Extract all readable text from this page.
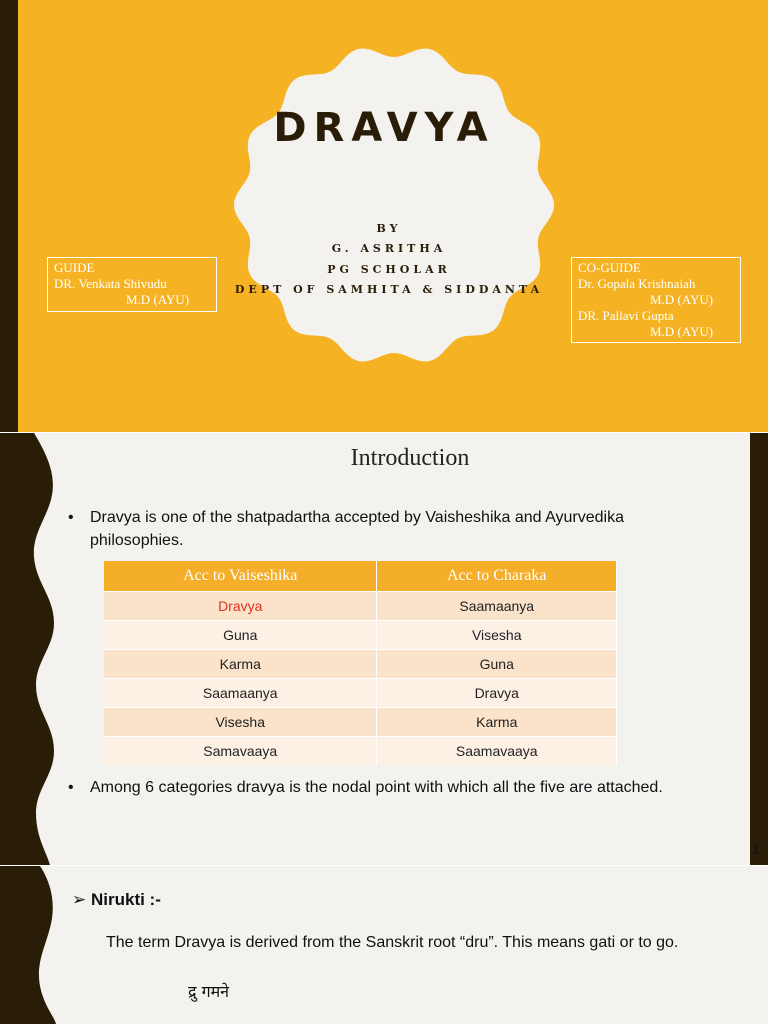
DRAVYA
BY
G. ASRITHA
PG SCHOLAR
DEPT OF SAMHITA & SIDDANTA
GUIDE
DR. Venkata Shivudu
M.D (AYU)
CO-GUIDE
Dr. Gopala Krishnaiah
M.D (AYU)
DR. Pallavi Gupta
M.D (AYU)
Introduction
• Dravya is one of the shatpadartha accepted by Vaisheshika and Ayurvedika
philosophies.
Acc to Vaiseshika	Acc to Charaka
Dravya	Saamaanya
Guna	Visesha
Karma	Guna
Saamaanya	Dravya
Visesha	Karma
Samavaaya	Saamavaaya
• Among 6 categories dravya is the nodal point with which all the five are attached.
1
➢ Nirukti :-
The term Dravya is derived from the Sanskrit root “dru”. This means gati or to go.
द्रु गमने
